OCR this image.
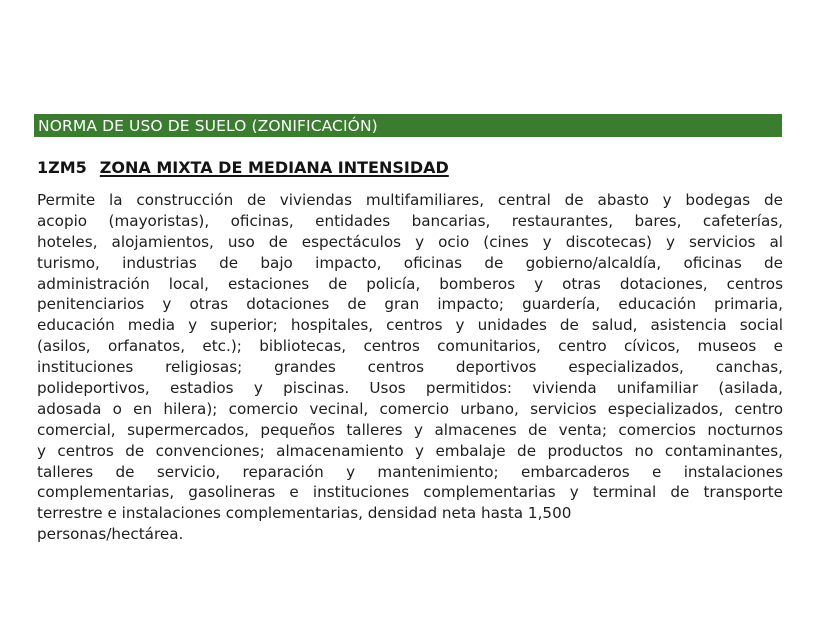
NORMA DE USO DE SUELO (ZONIFICACIÓN)
1ZM5 ZONA MIXTA DE MEDIANA INTENSIDAD
Permite la construcción de viviendas multifamiliares, central de abasto y bodegas de
acopio (mayoristas), oficinas, entidades bancarias, restaurantes, bares, cafeterías,
hoteles, alojamientos, uso de espectáculos y ocio (cines y discotecas) y servicios al
turismo, industrias de bajo impacto, oficinas de gobierno/alcaldía, oficinas de
administración local, estaciones de policía, bomberos y otras dotaciones, centros
penitenciarios y otras dotaciones de gran impacto; guardería, educación primaria,
educación media y superior; hospitales, centros y unidades de salud, asistencia social
(asilos, orfanatos, etc.); bibliotecas, centros comunitarios, centro cívicos, museos e
instituciones religiosas; grandes centros deportivos especializados, canchas,
polideportivos, estadios y piscinas. Usos permitidos: vivienda unifamiliar (asilada,
adosada o en hilera); comercio vecinal, comercio urbano, servicios especializados, centro
comercial, supermercados, pequeños talleres y almacenes de venta; comercios nocturnos
y centros de convenciones; almacenamiento y embalaje de productos no contaminantes,
talleres de servicio, reparación y mantenimiento; embarcaderos e instalaciones
complementarias, gasolineras e instituciones complementarias y terminal de transporte
terrestre e instalaciones complementarias, densidad neta hasta 1,500
personas/hectárea.
